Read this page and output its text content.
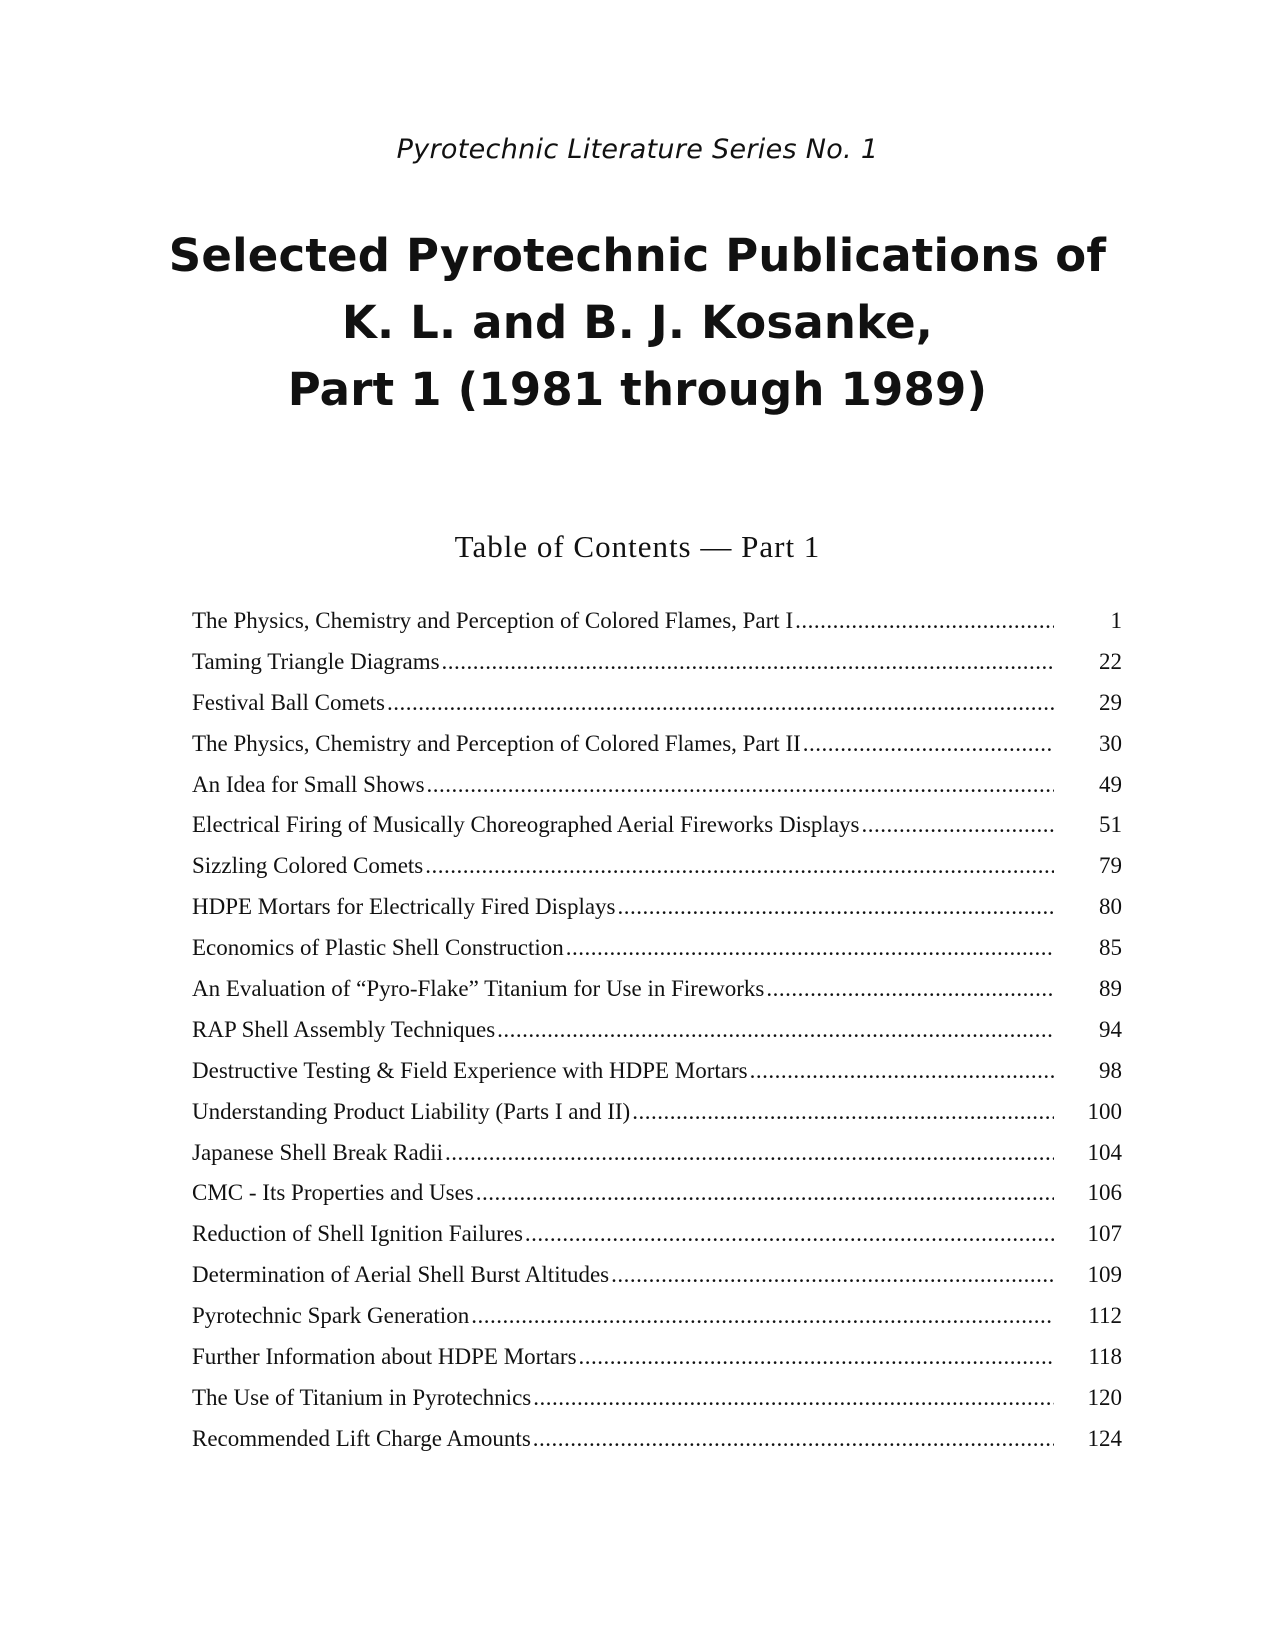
Pyrotechnic Literature Series No. 1
Selected Pyrotechnic Publications of
K. L. and B. J. Kosanke,
Part 1 (1981 through 1989)
Table of Contents — Part 1
The Physics, Chemistry and Perception of Colored Flames, Part I .....	1
Taming Triangle Diagrams .....	22
Festival Ball Comets .....	29
The Physics, Chemistry and Perception of Colored Flames, Part II .....	30
An Idea for Small Shows .....	49
Electrical Firing of Musically Choreographed Aerial Fireworks Displays .....	51
Sizzling Colored Comets .....	79
HDPE Mortars for Electrically Fired Displays .....	80
Economics of Plastic Shell Construction .....	85
An Evaluation of “Pyro-Flake” Titanium for Use in Fireworks .....	89
RAP Shell Assembly Techniques .....	94
Destructive Testing & Field Experience with HDPE Mortars .....	98
Understanding Product Liability (Parts I and II) .....	100
Japanese Shell Break Radii .....	104
CMC - Its Properties and Uses .....	106
Reduction of Shell Ignition Failures .....	107
Determination of Aerial Shell Burst Altitudes .....	109
Pyrotechnic Spark Generation .....	112
Further Information about HDPE Mortars .....	118
The Use of Titanium in Pyrotechnics .....	120
Recommended Lift Charge Amounts .....	124
